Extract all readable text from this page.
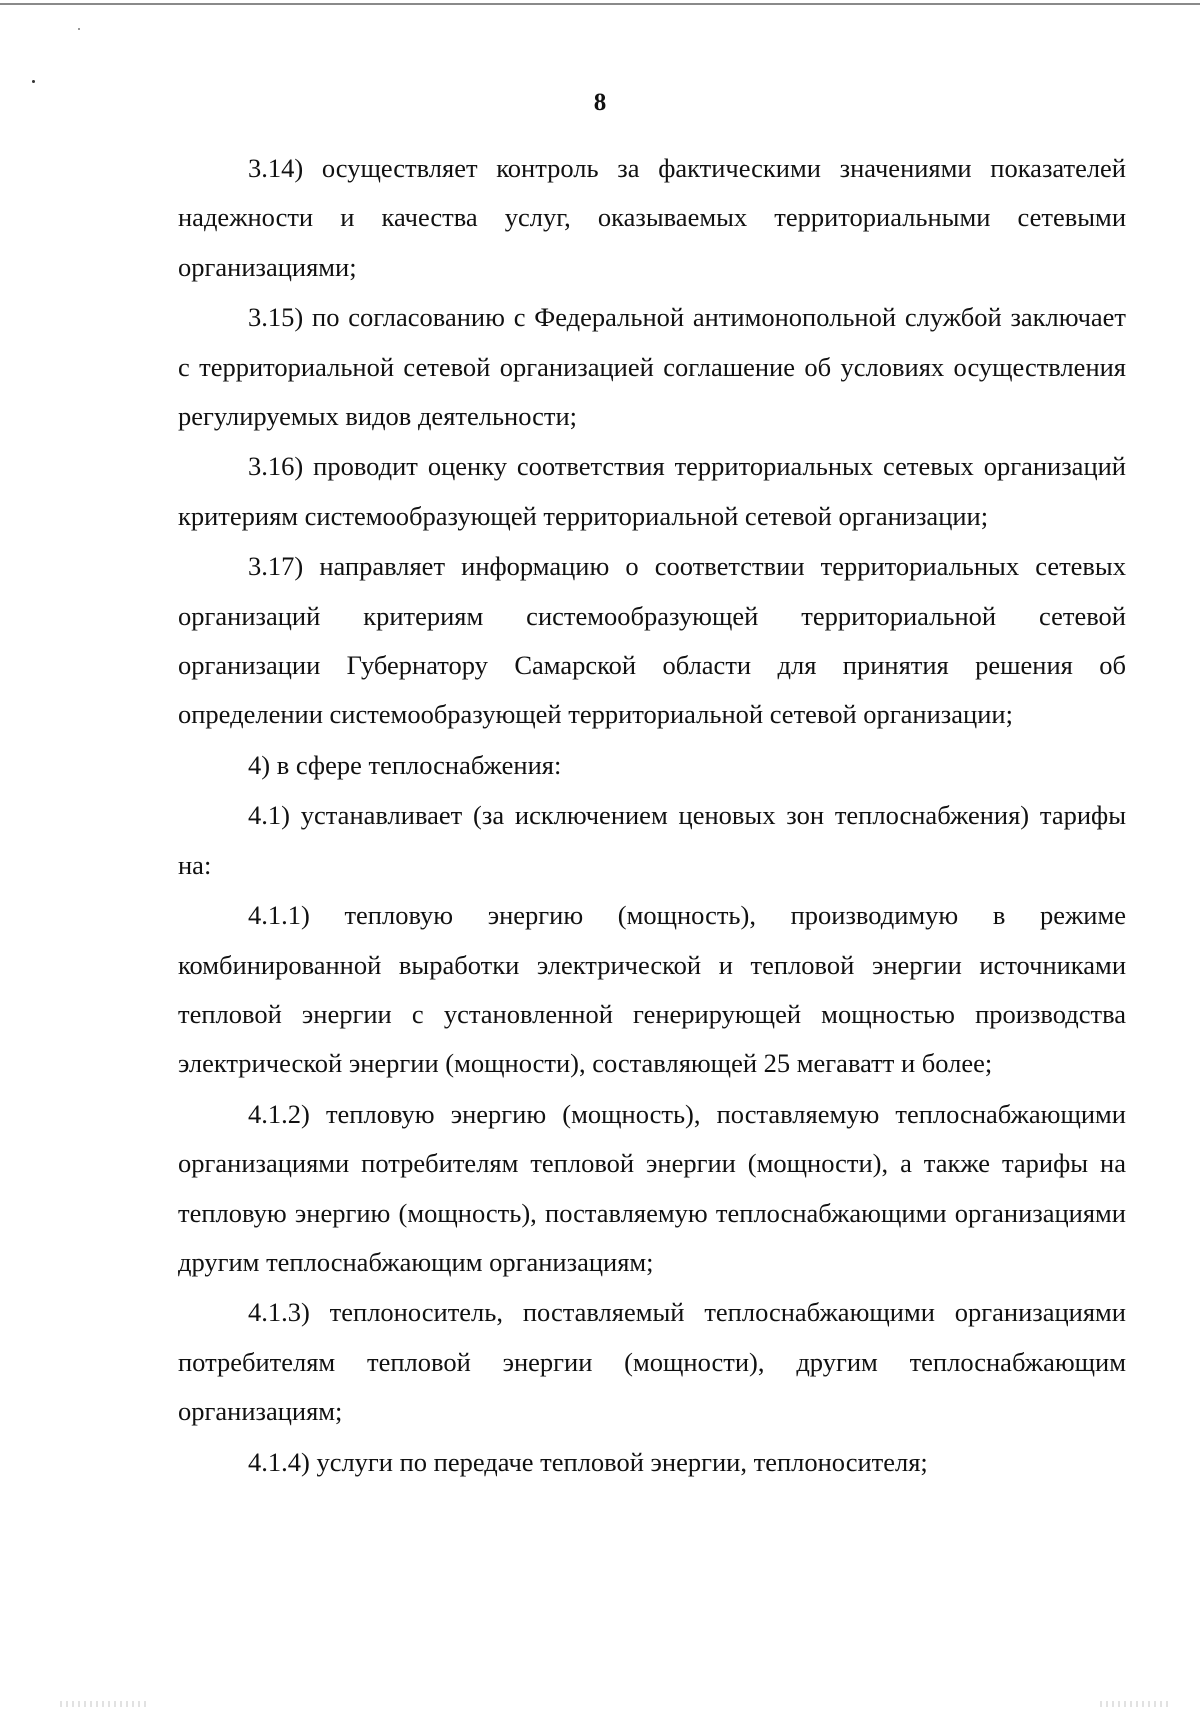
8

3.14) осуществляет контроль за фактическими значениями показателей надежности и качества услуг, оказываемых территориальными сетевыми организациями;

3.15) по согласованию с Федеральной антимонопольной службой заключает с территориальной сетевой организацией соглашение об условиях осуществления регулируемых видов деятельности;

3.16) проводит оценку соответствия территориальных сетевых организаций критериям системообразующей территориальной сетевой организации;

3.17) направляет информацию о соответствии территориальных сетевых организаций критериям системообразующей территориальной сетевой организации Губернатору Самарской области для принятия решения об определении системообразующей территориальной сетевой организации;

4) в сфере теплоснабжения:

4.1) устанавливает (за исключением ценовых зон теплоснабжения) тарифы на:

4.1.1) тепловую энергию (мощность), производимую в режиме комбинированной выработки электрической и тепловой энергии источниками тепловой энергии с установленной генерирующей мощностью производства электрической энергии (мощности), составляющей 25 мегаватт и более;

4.1.2) тепловую энергию (мощность), поставляемую теплоснабжающими организациями потребителям тепловой энергии (мощности), а также тарифы на тепловую энергию (мощность), поставляемую теплоснабжающими организациями другим теплоснабжающим организациям;

4.1.3) теплоноситель, поставляемый теплоснабжающими организациями потребителям тепловой энергии (мощности), другим теплоснабжающим организациям;

4.1.4) услуги по передаче тепловой энергии, теплоносителя;
